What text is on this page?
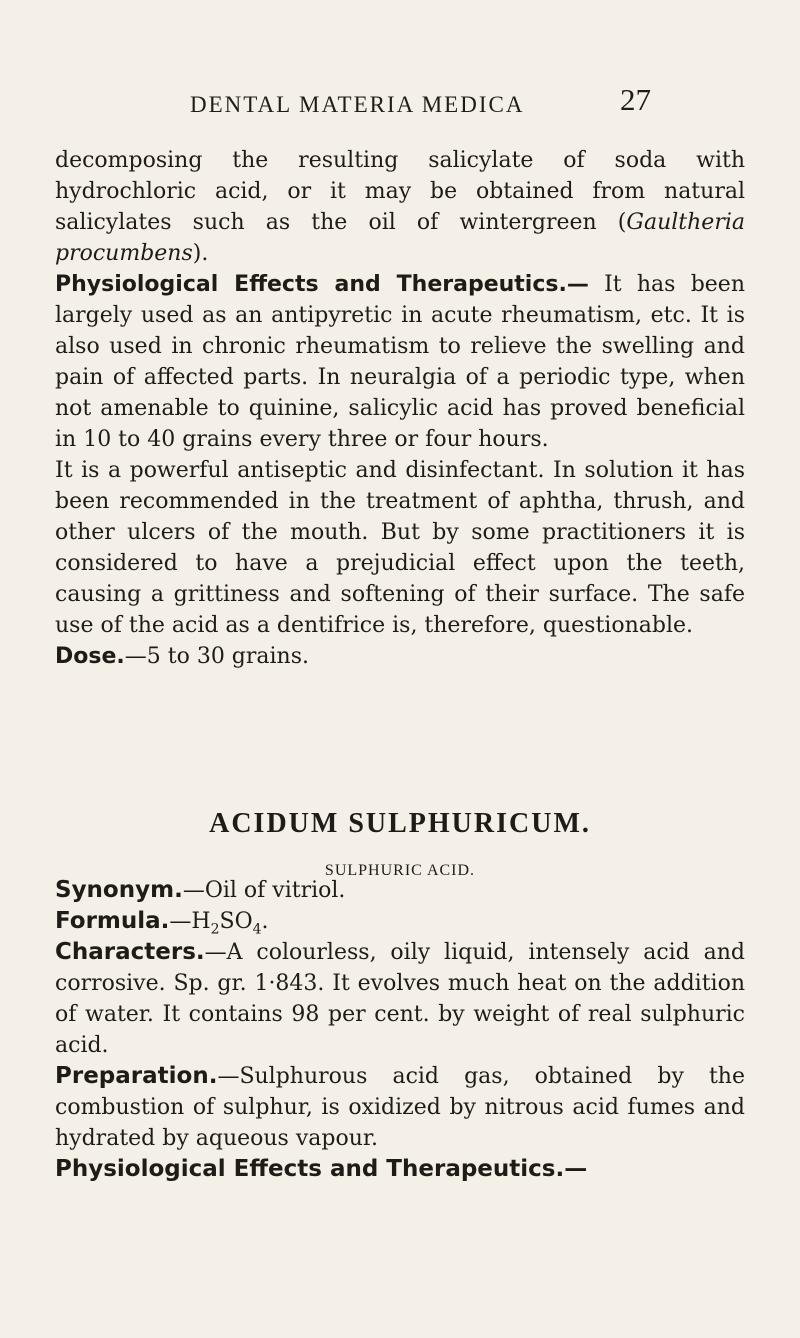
DENTAL MATERIA MEDICA	27

decomposing the resulting salicylate of soda with hydrochloric acid, or it may be obtained from natural salicylates such as the oil of wintergreen (Gaultheria procumbens).

Physiological Effects and Therapeutics.— It has been largely used as an antipyretic in acute rheumatism, etc. It is also used in chronic rheumatism to relieve the swelling and pain of affected parts. In neuralgia of a periodic type, when not amenable to quinine, salicylic acid has proved beneficial in 10 to 40 grains every three or four hours.

It is a powerful antiseptic and disinfectant. In solution it has been recommended in the treatment of aphtha, thrush, and other ulcers of the mouth. But by some practitioners it is considered to have a prejudicial effect upon the teeth, causing a grittiness and softening of their surface. The safe use of the acid as a dentifrice is, therefore, questionable.

Dose.—5 to 30 grains.

ACIDUM SULPHURICUM.
SULPHURIC ACID.

Synonym.—Oil of vitriol.

$Formula.—H_2SO_4$.

Characters.—A colourless, oily liquid, intensely acid and corrosive. Sp. gr. 1·843. It evolves much heat on the addition of water. It contains 98 per cent. by weight of real sulphuric acid.

Preparation.—Sulphurous acid gas, obtained by the combustion of sulphur, is oxidized by nitrous acid fumes and hydrated by aqueous vapour.

Physiological Effects and Therapeutics.—
